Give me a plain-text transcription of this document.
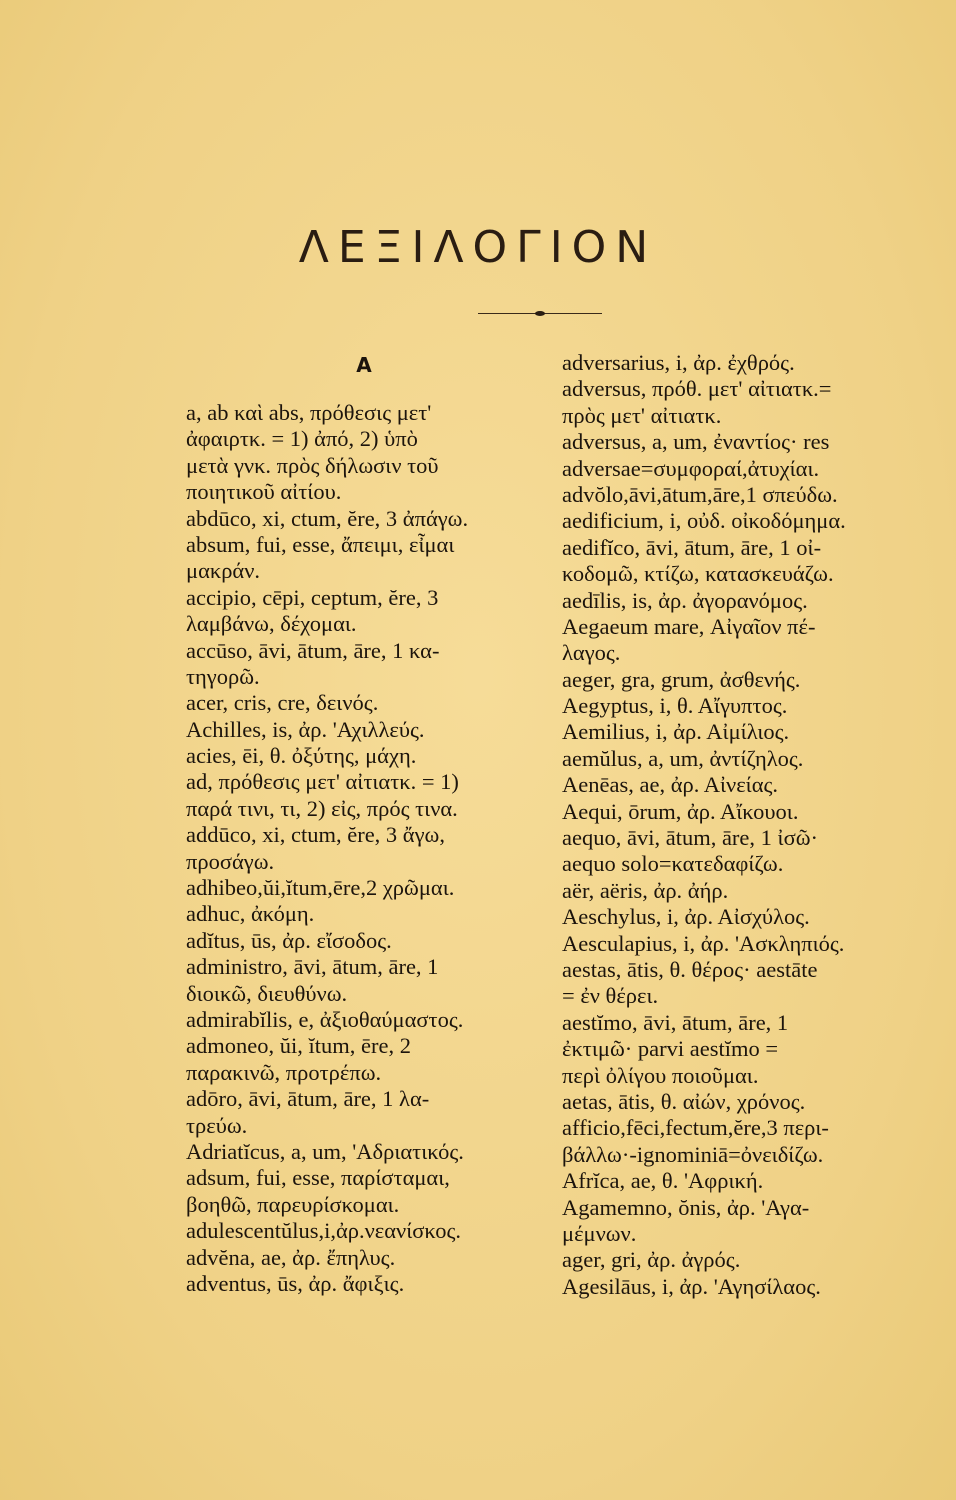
ΛΕΞΙΛΟΓΙΟΝ
A
a, ab καὶ abs, πρόθεσις μετ'
ἀφαιρτκ. = 1) ἀπό, 2) ὑπὸ
μετὰ γνκ. πρὸς δήλωσιν τοῦ
ποιητικοῦ αἰτίου.
abdūco, xi, ctum, ĕre, 3 ἀπάγω.
absum, fui, esse, ἄπειμι, εἶμαι
μακράν.
accipio, cēpi, ceptum, ĕre, 3
λαμβάνω, δέχομαι.
accūso, āvi, ātum, āre, 1 κα-
τηγορῶ.
acer, cris, cre, δεινός.
Achilles, is, ἀρ. 'Αχιλλεύς.
acies, ēi, θ. ὀξύτης, μάχη.
ad, πρόθεσις μετ' αἰτιατκ. = 1)
παρά τινι, τι, 2) εἰς, πρός τινα.
addūco, xi, ctum, ĕre, 3 ἄγω,
προσάγω.
adhibeo,ŭi,ĭtum,ēre,2 χρῶμαι.
adhuc, ἀκόμη.
adĭtus, ūs, ἀρ. εἴσοδος.
administro, āvi, ātum, āre, 1
διοικῶ, διευθύνω.
admirabĭlis, e, ἀξιοθαύμαστος.
admoneo, ŭi, ĭtum, ēre, 2
παρακινῶ, προτρέπω.
adōro, āvi, ātum, āre, 1 λα-
τρεύω.
Adriatĭcus, a, um, 'Αδριατικός.
adsum, fui, esse, παρίσταμαι,
βοηθῶ, παρευρίσκομαι.
adulescentŭlus,i,ἀρ.νεανίσκος.
advĕna, ae, ἀρ. ἔπηλυς.
adventus, ūs, ἀρ. ἄφιξις.
adversarius, i, ἀρ. ἐχθρός.
adversus, πρόθ. μετ' αἰτιατκ.=
πρὸς μετ' αἰτιατκ.
adversus, a, um, ἐναντίος· res
adversae=συμφοραί,ἀτυχίαι.
advŏlo,āvi,ātum,āre,1 σπεύδω.
aedificium, i, οὐδ. οἰκοδόμημα.
aedifĭco, āvi, ātum, āre, 1 οἰ-
κοδομῶ, κτίζω, κατασκευάζω.
aedīlis, is, ἀρ. ἀγορανόμος.
Aegaeum mare, Αἰγαῖον πέ-
λαγος.
aeger, gra, grum, ἀσθενής.
Aegyptus, i, θ. Αἴγυπτος.
Aemilius, i, ἀρ. Αἰμίλιος.
aemŭlus, a, um, ἀντίζηλος.
Aenēas, ae, ἀρ. Αἰνείας.
Aequi, ōrum, ἀρ. Αἴκουοι.
aequo, āvi, ātum, āre, 1 ἰσῶ·
aequo solo=κατεδαφίζω.
aër, aëris, ἀρ. ἀήρ.
Aeschylus, i, ἀρ. Αἰσχύλος.
Aesculapius, i, ἀρ. 'Ασκληπιός.
aestas, ātis, θ. θέρος· aestāte
= ἐν θέρει.
aestĭmo, āvi, ātum, āre, 1
ἐκτιμῶ· parvi aestĭmo =
περὶ ὀλίγου ποιοῦμαι.
aetas, ātis, θ. αἰών, χρόνος.
afficio,fēci,fectum,ĕre,3 περι-
βάλλω·-ignominiā=ὀνειδίζω.
Afrĭca, ae, θ. 'Αφρική.
Agamemno, ŏnis, ἀρ. 'Αγα-
μέμνων.
ager, gri, ἀρ. ἀγρός.
Agesilāus, i, ἀρ. 'Αγησίλαος.
